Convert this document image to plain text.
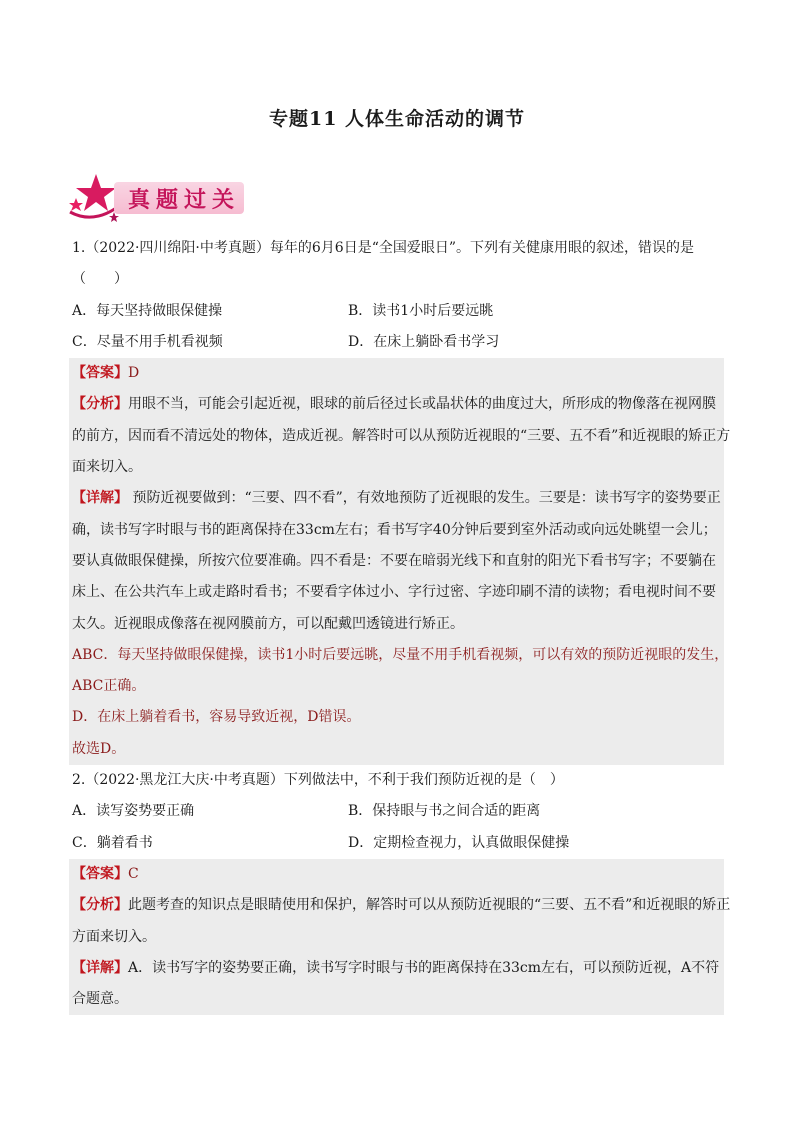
专题11 人体生命活动的调节
真题过关
1.（2022·四川绵阳·中考真题）每年的6月6日是“全国爱眼日”。下列有关健康用眼的叙述，错误的是
（　　）
A．每天坚持做眼保健操	B．读书1小时后要远眺
C．尽量不用手机看视频	D．在床上躺卧看书学习
【答案】D
【分析】用眼不当，可能会引起近视，眼球的前后径过长或晶状体的曲度过大，所形成的物像落在视网膜
的前方，因而看不清远处的物体，造成近视。解答时可以从预防近视眼的“三要、五不看”和近视眼的矫正方
面来切入。
【详解】 预防近视要做到：“三要、四不看”，有效地预防了近视眼的发生。三要是：读书写字的姿势要正
确，读书写字时眼与书的距离保持在33cm左右；看书写字40分钟后要到室外活动或向远处眺望一会儿；
要认真做眼保健操，所按穴位要准确。四不看是：不要在暗弱光线下和直射的阳光下看书写字；不要躺在
床上、在公共汽车上或走路时看书；不要看字体过小、字行过密、字迹印刷不清的读物；看电视时间不要
太久。近视眼成像落在视网膜前方，可以配戴凹透镜进行矫正。
ABC．每天坚持做眼保健操，读书1小时后要远眺，尽量不用手机看视频，可以有效的预防近视眼的发生，
ABC正确。
D．在床上躺着看书，容易导致近视，D错误。
故选D。
2.（2022·黑龙江大庆·中考真题）下列做法中，不利于我们预防近视的是（　）
A．读写姿势要正确	B．保持眼与书之间合适的距离
C．躺着看书	D．定期检查视力，认真做眼保健操
【答案】C
【分析】此题考查的知识点是眼睛使用和保护，解答时可以从预防近视眼的“三要、五不看”和近视眼的矫正
方面来切入。
【详解】A．读书写字的姿势要正确，读书写字时眼与书的距离保持在33cm左右，可以预防近视，A不符
合题意。
